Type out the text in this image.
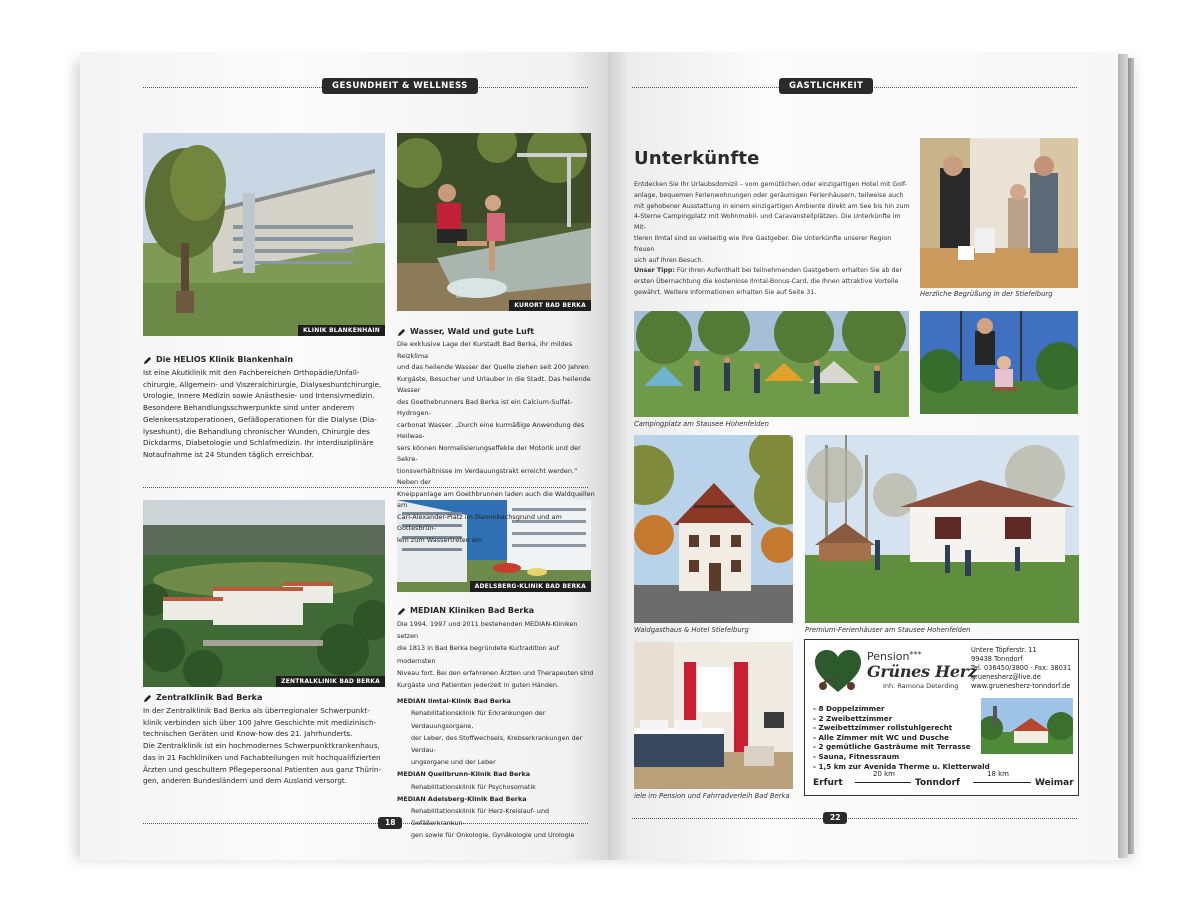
GESUNDHEIT & WELLNESS	GASTLICHKEIT
18
22
KLINIK BLANKENHAIN
KURORT BAD BERKA
ZENTRALKLINIK BAD BERKA
ADELSBERG-KLINIK BAD BERKA
Die HELIOS Klinik Blankenhain

Ist eine Akutklinik mit den Fachbereichen Orthopädie/Unfall-
chirurgie, Allgemein- und Viszeralchirurgie, Dialyseshuntchirurgie,
Urologie, Innere Medizin sowie Anästhesie- und Intensivmedizin.
Besondere Behandlungsschwerpunkte sind unter anderem
Gelenkersatzoperationen, Gefäßoperationen für die Dialyse (Dia-
lyseshunt), die Behandlung chronischer Wunden, Chirurgie des
Dickdarms, Diabetologie und Schlafmedizin. Ihr interdisziplinäre
Notaufnahme ist 24 Stunden täglich erreichbar.

Wasser, Wald und gute Luft

Die exklusive Lage der Kurstadt Bad Berka, ihr mildes Reizklima
und das heilende Wasser der Quelle ziehen seit 200 Jahren
Kurgäste, Besucher und Urlauber in die Stadt. Das heilende Wasser
des Goethebrunners Bad Berka ist ein Calcium-Sulfat-Hydrogen-
carbonat Wasser. „Durch eine kurmäßige Anwendung des Heilwas-
sers können Normalisierungseffekte der Motorik und der Sekre-
tionsverhältnisse im Verdauungstrakt erreicht werden.“ Neben der
Kneippanlage am Goethbrunnen laden auch die Waldquellen am
Carl-Alexander-Platz im Dammbachsgrund und am Gottesbrün-
lein zum Wassertreten ein.

Zentralklinik Bad Berka

In der Zentralklinik Bad Berka als überregionaler Schwerpunkt-
klinik verbinden sich über 100 Jahre Geschichte mit medizinisch-
technischen Geräten und Know-how des 21. Jahrhunderts.
Die Zentralklinik ist ein hochmodernes Schwerpunktkrankenhaus,
das in 21 Fachkliniken und Fachabteilungen mit hochqualifizierten
Ärzten und geschultem Pflegepersonal Patienten aus ganz Thürin-
gen, anderen Bundesländern und dem Ausland versorgt.

MEDIAN Kliniken Bad Berka

Die 1994, 1997 und 2011 bestehenden MEDIAN-Kliniken setzen
die 1813 in Bad Berka begründete Kurtradition auf modernsten
Niveau fort. Bei den erfahrenen Ärzten und Therapeuten sind
Kurgäste und Patienten jederzeit in guten Händen.

MEDIAN Ilmtal-Klinik Bad Berka
Rehabilitationsklinik für Erkrankungen der Verdauungsorgane,
der Leber, des Stoffwechsels, Krebserkrankungen der Verdau-
ungsorgane und der Leber
MEDIAN Quellbrunn-Klinik Bad Berka
Rehabilitationsklinik für Psychosomatik
MEDIAN Adelsberg-Klinik Bad Berka
Rehabilitationsklinik für Herz-Kreislauf- und Gefäßerkrankun-
gen sowie für Onkologie, Gynäkologie und Urologie
Unterkünfte
Entdecken Sie Ihr Urlaubsdomizil – vom gemütlichen oder einzigartigen Hotel mit Golf-
anlage, bequemen Ferienwohnungen oder geräumigen Ferienhäusern, teilweise auch
mit gehobener Ausstattung in einem einzigartigen Ambiente direkt am See bis hin zum
4-Sterne Campingplatz mit Wohnmobil- und Caravanstellplätzen. Die Unterkünfte im Mit-
tleren Ilmtal sind so vielseitig wie ihre Gastgeber. Die Unterkünfte unserer Region freuen
sich auf Ihren Besuch.
Unser Tipp: Für Ihren Aufenthalt bei teilnehmenden Gastgebern erhalten Sie ab der
ersten Übernachtung die kostenlose Ilmtal-Bonus-Card, die Ihnen attraktive Vorteile
gewährt. Weitere Informationen erhalten Sie auf Seite 31.	Herzliche Begrüßung in der Stiefelburg
Campingplatz am Stausee Hohenfelden
Waldgasthaus & Hotel Stiefelburg	Premium-Ferienhäuser am Stausee Hohenfelden
iele im Pension und Fahrradverleih Bad Berka
Pension***
Grünes Herz
Inh. Ramona Deterding
Untere Töpferstr. 11
99438 Tonndorf
Tel. 036450/3800 - Fax: 38031
gruenesherz@live.de
www.gruenesherz-tonndorf.de
- 8 Doppelzimmer
- 2 Zweibettzimmer
- Zweibettzimmer rollstuhlgerecht
- Alle Zimmer mit WC und Dusche
- 2 gemütliche Gasträume mit Terrasse
- Sauna, Fitnessraum
- 1,5 km zur Avenida Therme u. Kletterwald
Erfurt
20 km
Tonndorf
18 km
Weimar
